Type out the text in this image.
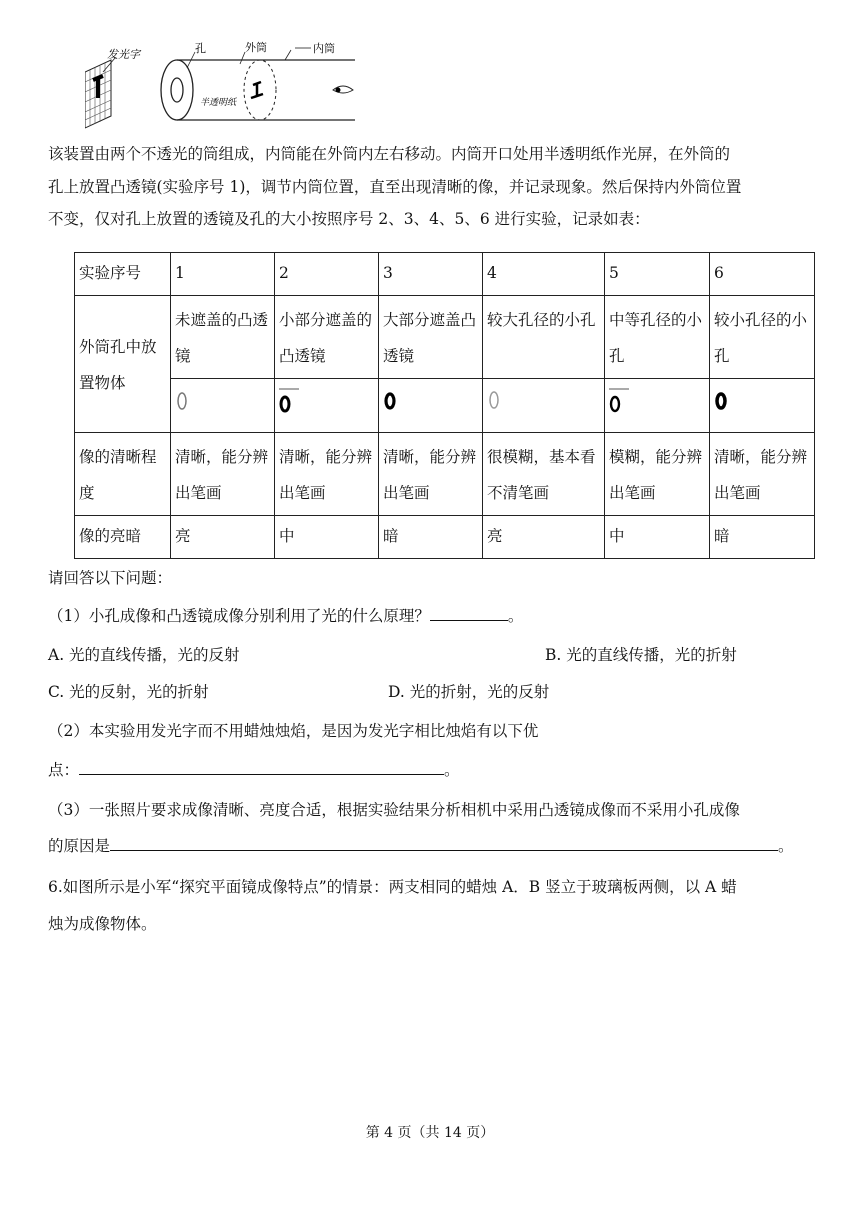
发光字	孔	外筒	内筒
半透明纸

该装置由两个不透光的筒组成，内筒能在外筒内左右移动。内筒开口处用半透明纸作光屏，在外筒的

孔上放置凸透镜(实验序号 1)，调节内筒位置，直至出现清晰的像，并记录现象。然后保持内外筒位置

不变，仅对孔上放置的透镜及孔的大小按照序号 2、3、4、5、6 进行实验，记录如表：

实验序号	1	2	3	4	5	6
外筒孔中放置物体	未遮盖的凸透镜	小部分遮盖的凸透镜	大部分遮盖凸透镜	较大孔径的小孔	中等孔径的小孔	较小孔径的小孔

像的清晰程度	清晰，能分辨出笔画	清晰，能分辨出笔画	清晰，能分辨出笔画	很模糊，基本看不清笔画	模糊，能分辨出笔画	清晰，能分辨出笔画
像的亮暗	亮	中	暗	亮	中	暗

请回答以下问题：

（1）小孔成像和凸透镜成像分别利用了光的什么原理？	。

A. 光的直线传播，光的反射	B. 光的直线传播，光的折射

C. 光的反射，光的折射	D. 光的折射，光的反射

（2）本实验用发光字而不用蜡烛烛焰，是因为发光字相比烛焰有以下优

点：	。

（3）一张照片要求成像清晰、亮度合适，根据实验结果分析相机中采用凸透镜成像而不采用小孔成像

的原因是	。

6.如图所示是小军“探究平面镜成像特点”的情景：两支相同的蜡烛 A．B 竖立于玻璃板两侧，以 A 蜡

烛为成像物体。

第 4 页（共 14 页）
